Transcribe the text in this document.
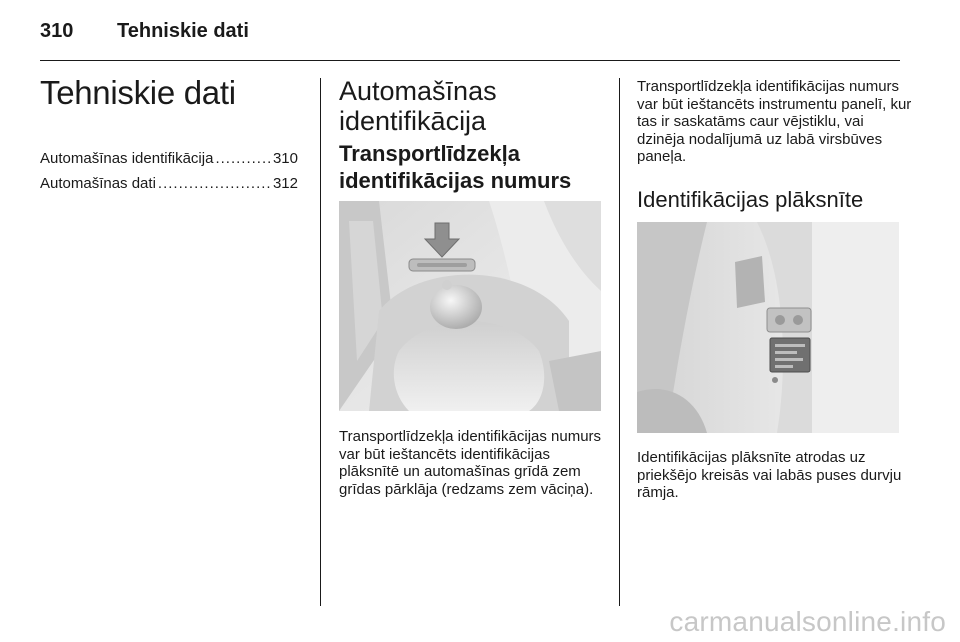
310 Tehniskie dati
Tehniskie dati
Automašīnas identifikācija .....	310
Automašīnas dati .....	312
Automašīnas identifikācija
Transportlīdzekļa identifikācijas numurs

Transportlīdzekļa identifikācijas numurs var būt ieštancēts identifikācijas plāksnītē un automašīnas grīdā zem grīdas pārklāja (redzams zem vāciņa).

Transportlīdzekļa identifikācijas numurs var būt ieštancēts instrumentu panelī, kur tas ir saskatāms caur vējstiklu, vai dzinēja nodalījumā uz labā virsbūves paneļa.

Identifikācijas plāksnīte

Identifikācijas plāksnīte atrodas uz priekšējo kreisās vai labās puses durvju rāmja.

carmanualsonline.info
